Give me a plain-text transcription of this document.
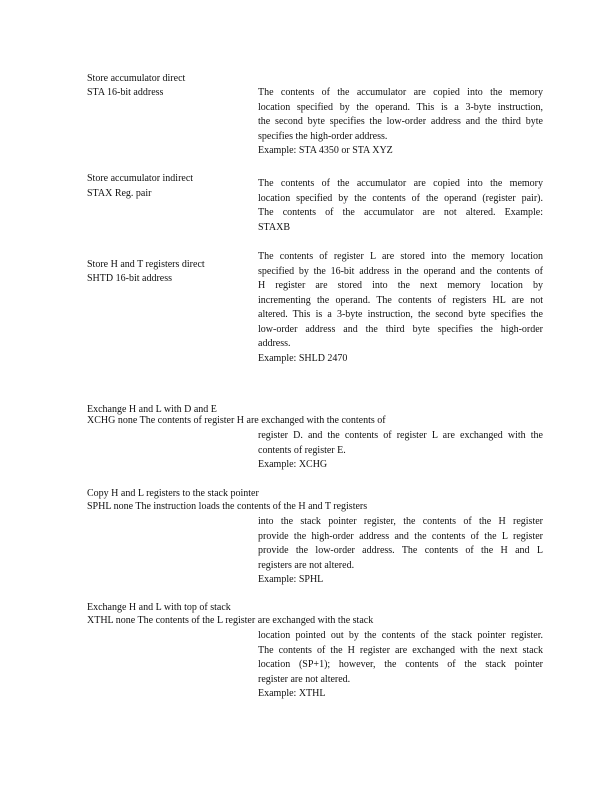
Store accumulator direct
STA 16-bit address	The contents of the accumulator are copied into the memory
location specified by the operand. This is a 3-byte instruction,
the second byte specifies the low-order address and the third byte
specifies the high-order address.
Example: STA 4350 or STA XYZ
Store accumulator indirect
STAX Reg. pair
The contents of the accumulator are copied into the memory
location specified by the contents of the operand (register pair).
The contents of the accumulator are not altered. Example:
STAXB
Store H and T registers direct
SHTD 16-bit address
The contents of register L are stored into the memory location
specified by the 16-bit address in the operand and the contents of
H register are stored into the next memory location by
incrementing the operand. The contents of registers HL are not
altered. This is a 3-byte instruction, the second byte specifies the
low-order address and the third byte specifies the high-order
address.
Example: SHLD 2470
Exchange H and L with D and E
XCHG none The contents of register H are exchanged with the contents of
register D. and the contents of register L are exchanged with the
contents of register E.
Example: XCHG
Copy H and L registers to the stack pointer
SPHL none The instruction loads the contents of the H and T registers
into the stack pointer register, the contents of the H register
provide the high-order address and the contents of the L register
provide the low-order address. The contents of the H and L
registers are not altered.
Example: SPHL
Exchange H and L with top of stack
XTHL none The contents of the L register are exchanged with the stack
location pointed out by the contents of the stack pointer register.
The contents of the H register are exchanged with the next stack
location (SP+1); however, the contents of the stack pointer
register are not altered.
Example: XTHL
